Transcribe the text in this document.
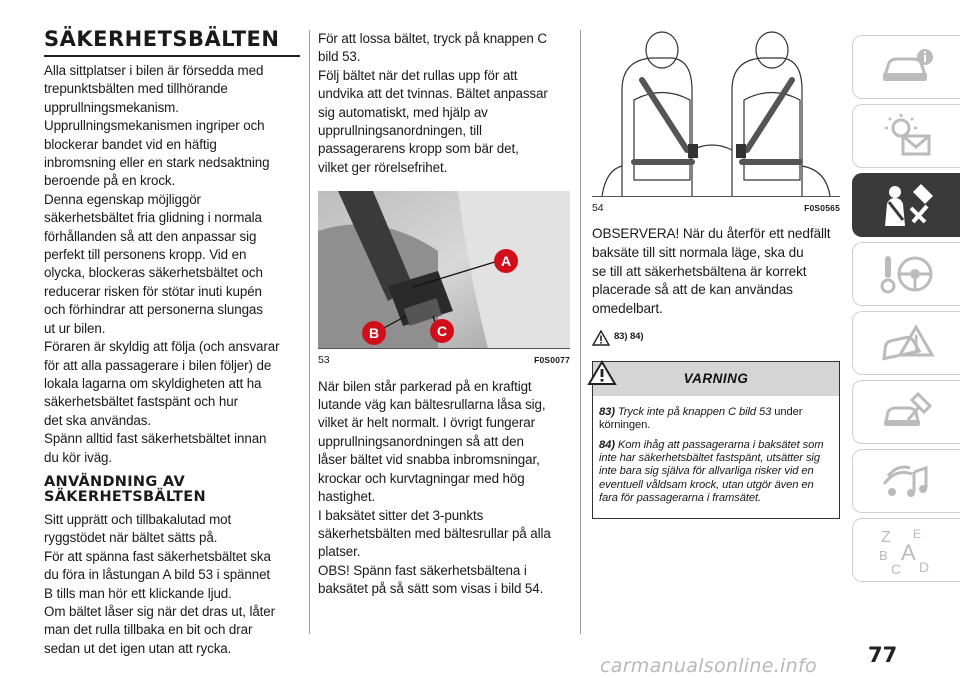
SÄKERHETSBÄLTEN

Alla sittplatser i bilen är försedda med

trepunktsbälten med tillhörande

upprullningsmekanism.

Upprullningsmekanismen ingriper och

blockerar bandet vid en häftig

inbromsning eller en stark nedsaktning

beroende på en krock.

Denna egenskap möjliggör

säkerhetsbältet fria glidning i normala

förhållanden så att den anpassar sig

perfekt till personens kropp. Vid en

olycka, blockeras säkerhetsbältet och

reducerar risken för stötar inuti kupén

och förhindrar att personerna slungas

ut ur bilen.

Föraren är skyldig att följa (och ansvarar

för att alla passagerare i bilen följer) de

lokala lagarna om skyldigheten att ha

säkerhetsbältet fastspänt och hur

det ska användas.

Spänn alltid fast säkerhetsbältet innan

du kör iväg.

ANVÄNDNING AV
SÄKERHETSBÄLTEN

Sitt upprätt och tillbakalutad mot

ryggstödet när bältet sätts på.

För att spänna fast säkerhetsbältet ska

du föra in låstungan A bild 53 i spännet

B tills man hör ett klickande ljud.

Om bältet låser sig när det dras ut, låter

man det rulla tillbaka en bit och drar

sedan ut det igen utan att rycka.

För att lossa bältet, tryck på knappen C

bild 53.

Följ bältet när det rullas upp för att

undvika att det tvinnas. Bältet anpassar

sig automatiskt, med hjälp av

upprullningsanordningen, till

passagerarens kropp som bär det,

vilket ger rörelsefrihet.

A
B	C
53	F0S0077

När bilen står parkerad på en kraftigt

lutande väg kan bältesrullarna låsa sig,

vilket är helt normalt. I övrigt fungerar

upprullningsanordningen så att den

låser bältet vid snabba inbromsningar,

krockar och kurvtagningar med hög

hastighet.

I baksätet sitter det 3-punkts

säkerhetsbälten med bältesrullar på alla

platser.

OBS! Spänn fast säkerhetsbältena i

baksätet på så sätt som visas i bild 54.

54	F0S0565

OBSERVERA! När du återför ett nedfällt

baksäte till sitt normala läge, ska du

se till att säkerhetsbältena är korrekt

placerade så att de kan användas

omedelbart.

83) 84)
VARNING

83) Tryck inte på knappen C bild 53 under körningen.

84) Kom ihåg att passagerarna i baksätet som inte har säkerhetsbältet fastspänt, utsätter sig inte bara sig själva för allvarliga risker vid en eventuell våldsam krock, utan utgör även en fara för passagerarna i framsätet.

Z E
B A
C D
77
carmanualsonline.info
